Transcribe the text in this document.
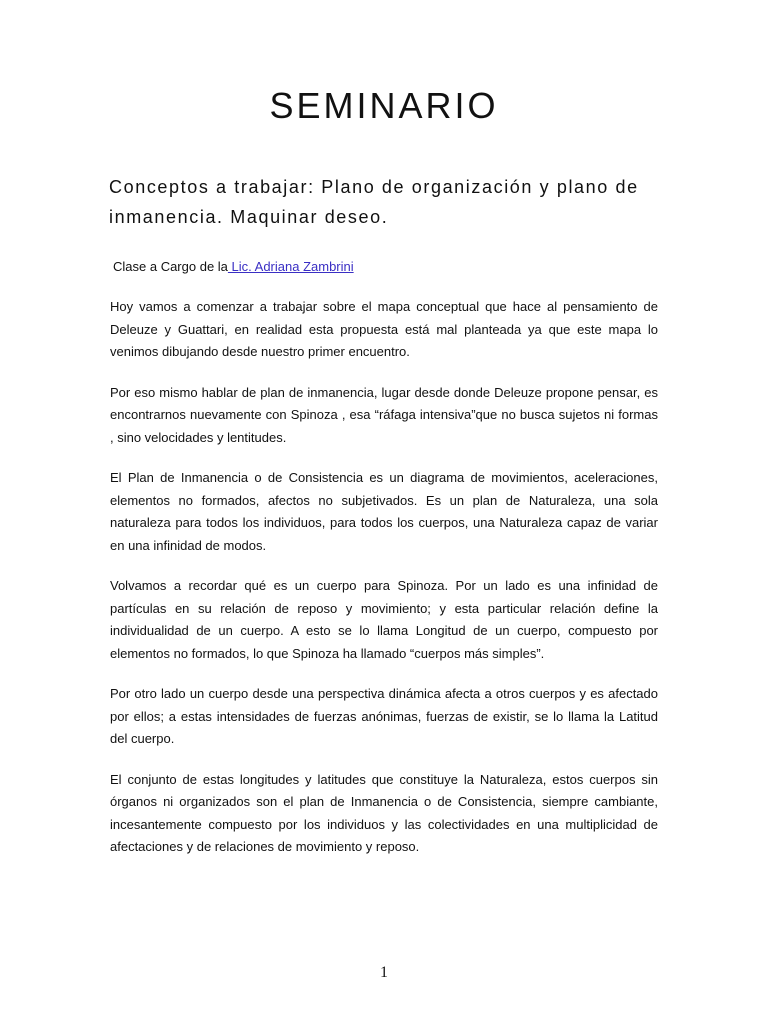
SEMINARIO
Conceptos a trabajar: Plano de organización y plano de inmanencia. Maquinar deseo.

Clase a Cargo de la Lic. Adriana Zambrini

Hoy vamos a comenzar a trabajar sobre el mapa conceptual que hace al pensamiento de Deleuze y Guattari, en realidad esta propuesta está mal planteada ya que este mapa lo venimos dibujando desde nuestro primer encuentro.

Por eso mismo hablar de plan de inmanencia, lugar desde donde Deleuze propone pensar, es encontrarnos nuevamente con Spinoza , esa “ráfaga intensiva”que no busca sujetos ni formas , sino velocidades y lentitudes.

El Plan de Inmanencia o de Consistencia es un diagrama de movimientos, aceleraciones, elementos no formados, afectos no subjetivados. Es un plan de Naturaleza, una sola naturaleza para todos los individuos, para todos los cuerpos, una Naturaleza capaz de variar en una infinidad de modos.

Volvamos a recordar qué es un cuerpo para Spinoza. Por un lado es una infinidad de partículas en su relación de reposo y movimiento; y esta particular relación define la individualidad de un cuerpo. A esto se lo llama Longitud de un cuerpo, compuesto por elementos no formados, lo que Spinoza ha llamado “cuerpos más simples”.

Por otro lado un cuerpo desde una perspectiva dinámica afecta a otros cuerpos y es afectado por ellos; a estas intensidades de fuerzas anónimas, fuerzas de existir, se lo llama la Latitud del cuerpo.

El conjunto de estas longitudes y latitudes que constituye la Naturaleza, estos cuerpos sin órganos ni organizados son el plan de Inmanencia o de Consistencia, siempre cambiante, incesantemente compuesto por los individuos y las colectividades en una multiplicidad de afectaciones y de relaciones de movimiento y reposo.

1
